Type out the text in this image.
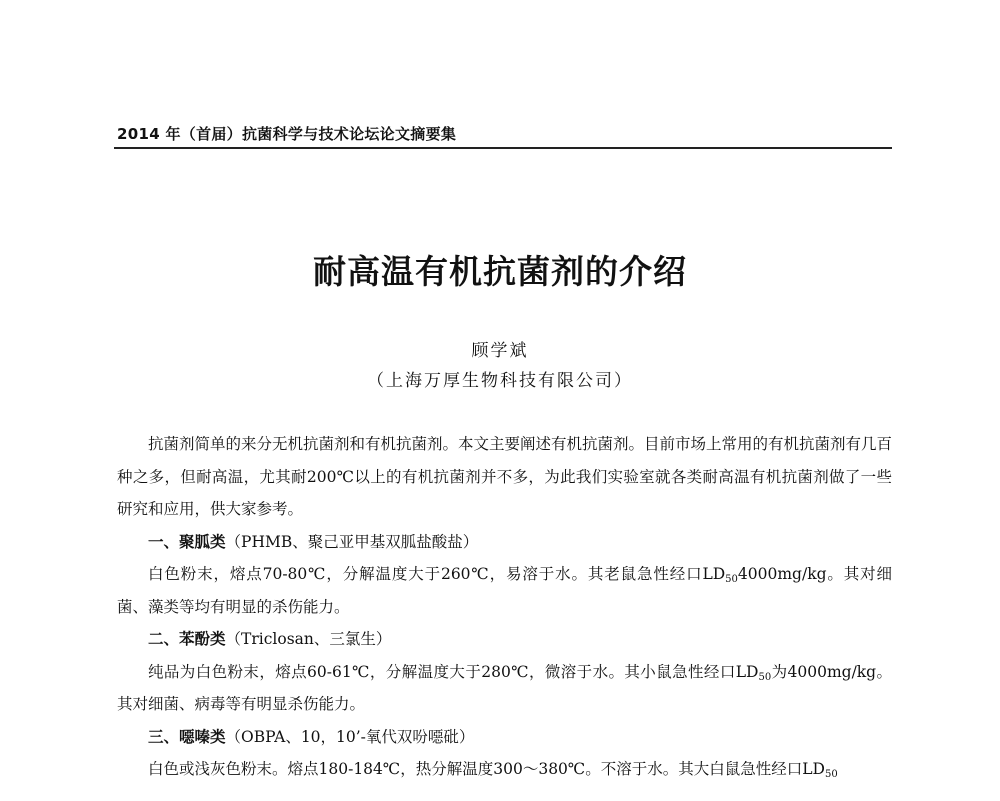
2014 年（首届）抗菌科学与技术论坛论文摘要集
耐高温有机抗菌剂的介绍
顾学斌
（上海万厚生物科技有限公司）

抗菌剂简单的来分无机抗菌剂和有机抗菌剂。本文主要阐述有机抗菌剂。目前市场上常用的有机抗菌剂有几百种之多，但耐高温，尤其耐200℃以上的有机抗菌剂并不多，为此我们实验室就各类耐高温有机抗菌剂做了一些研究和应用，供大家参考。

一、聚胍类（PHMB、聚己亚甲基双胍盐酸盐）

白色粉末，熔点70-80℃，分解温度大于260℃，易溶于水。其老鼠急性经口$LD_{50}4000mg/kg$。其对细菌、藻类等均有明显的杀伤能力。

二、苯酚类（Triclosan、三氯生）

纯品为白色粉末，熔点60-61℃，分解温度大于280℃，微溶于水。其小鼠急性经口$LD_{50}$为4000mg/kg。其对细菌、病毒等有明显杀伤能力。

三、噁嗪类（OBPA、10，10’-氧代双吩噁砒）

白色或浅灰色粉末。熔点180-184℃，热分解温度300～380℃。不溶于水。其大白鼠急性经口$LD_{50}$
